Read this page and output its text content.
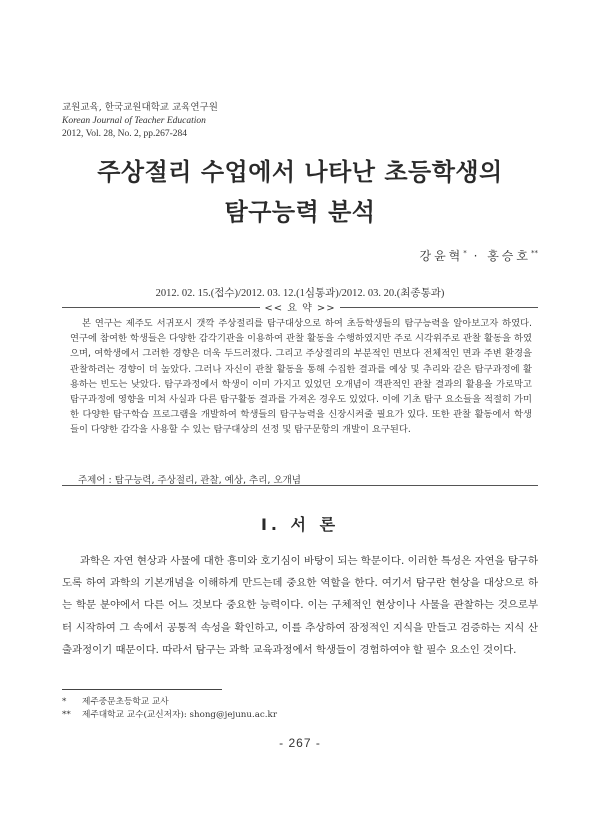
교원교육, 한국교원대학교 교육연구원
Korean Journal of Teacher Education
2012, Vol. 28, No. 2, pp.267-284
주상절리 수업에서 나타난 초등학생의
탐구능력 분석
강윤혁* · 홍승호**
2012. 02. 15.(접수)/2012. 03. 12.(1심통과)/2012. 03. 20.(최종통과)
<< 요 약 >>

본 연구는 제주도 서귀포시 갯깍 주상절리를 탐구대상으로 하여 초등학생들의 탐구능력을 알아보고자 하였다. 연구에 참여한 학생들은 다양한 감각기관을 이용하여 관찰 활동을 수행하였지만 주로 시각위주로 관찰 활동을 하였으며, 여학생에서 그러한 경향은 더욱 두드러졌다. 그리고 주상절리의 부분적인 면보다 전체적인 면과 주변 환경을 관찰하려는 경향이 더 높았다. 그러나 자신이 관찰 활동을 통해 수집한 결과를 예상 및 추리와 같은 탐구과정에 활용하는 빈도는 낮았다. 탐구과정에서 학생이 이미 가지고 있었던 오개념이 객관적인 관찰 결과의 활용을 가로막고 탐구과정에 영향을 미쳐 사실과 다른 탐구활동 결과를 가져온 경우도 있었다. 이에 기초 탐구 요소들을 적절히 가미한 다양한 탐구학습 프로그램을 개발하여 학생들의 탐구능력을 신장시켜줄 필요가 있다. 또한 관찰 활동에서 학생들이 다양한 감각을 사용할 수 있는 탐구대상의 선정 및 탐구문항의 개발이 요구된다.

주제어 : 탐구능력, 주상절리, 관찰, 예상, 추리, 오개념
Ⅰ. 서 론

과학은 자연 현상과 사물에 대한 흥미와 호기심이 바탕이 되는 학문이다. 이러한 특성은 자연을 탐구하도록 하여 과학의 기본개념을 이해하게 만드는데 중요한 역할을 한다. 여기서 탐구란 현상을 대상으로 하는 학문 분야에서 다른 어느 것보다 중요한 능력이다. 이는 구체적인 현상이나 사물을 관찰하는 것으로부터 시작하여 그 속에서 공통적 속성을 확인하고, 이를 추상하여 잠정적인 지식을 만들고 검증하는 지식 산출과정이기 때문이다. 따라서 탐구는 과학 교육과정에서 학생들이 경험하여야 할 필수 요소인 것이다.

* 제주중문초등학교 교사
** 제주대학교 교수(교신저자): shong@jejunu.ac.kr
- 267 -
